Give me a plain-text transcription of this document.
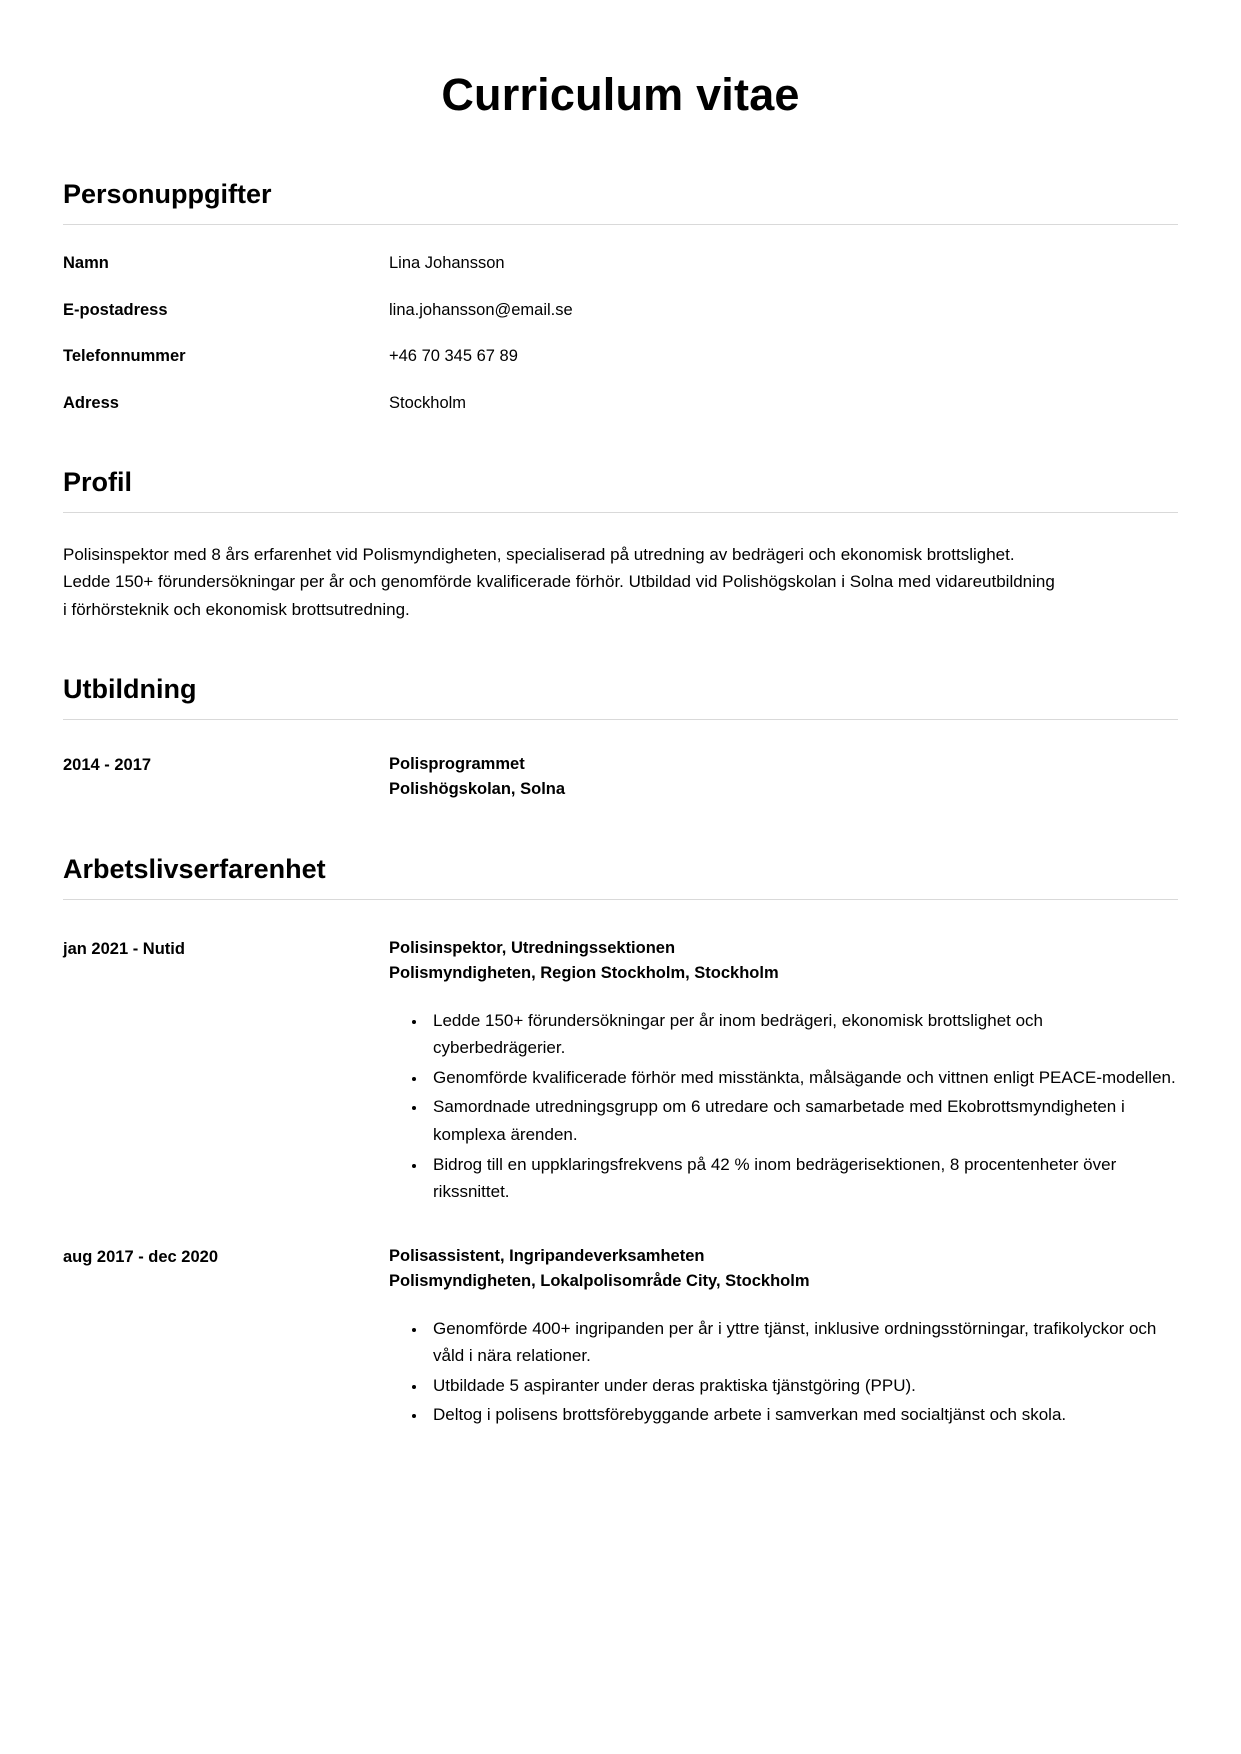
Curriculum vitae
Personuppgifter
Namn	Lina Johansson
E-postadress	lina.johansson@email.se
Telefonnummer	+46 70 345 67 89
Adress	Stockholm
Profil

Polisinspektor med 8 års erfarenhet vid Polismyndigheten, specialiserad på utredning av bedrägeri och ekonomisk brottslighet. Ledde 150+ förundersökningar per år och genomförde kvalificerade förhör. Utbildad vid Polishögskolan i Solna med vidareutbildning i förhörsteknik och ekonomisk brottsutredning.

Utbildning
2014 - 2017	Polisprogrammet
Polishögskolan, Solna
Arbetslivserfarenhet
jan 2021 - Nutid	Polisinspektor, Utredningssektionen
Polismyndigheten, Region Stockholm, Stockholm
• Ledde 150+ förundersökningar per år inom bedrägeri, ekonomisk brottslighet och cyberbedrägerier.
• Genomförde kvalificerade förhör med misstänkta, målsägande och vittnen enligt PEACE-modellen.
• Samordnade utredningsgrupp om 6 utredare och samarbetade med Ekobrottsmyndigheten i komplexa ärenden.
• Bidrog till en uppklaringsfrekvens på 42 % inom bedrägerisektionen, 8 procentenheter över rikssnittet.
aug 2017 - dec 2020	Polisassistent, Ingripandeverksamheten
Polismyndigheten, Lokalpolisområde City, Stockholm
• Genomförde 400+ ingripanden per år i yttre tjänst, inklusive ordningsstörningar, trafikolyckor och våld i nära relationer.
• Utbildade 5 aspiranter under deras praktiska tjänstgöring (PPU).
• Deltog i polisens brottsförebyggande arbete i samverkan med socialtjänst och skola.
